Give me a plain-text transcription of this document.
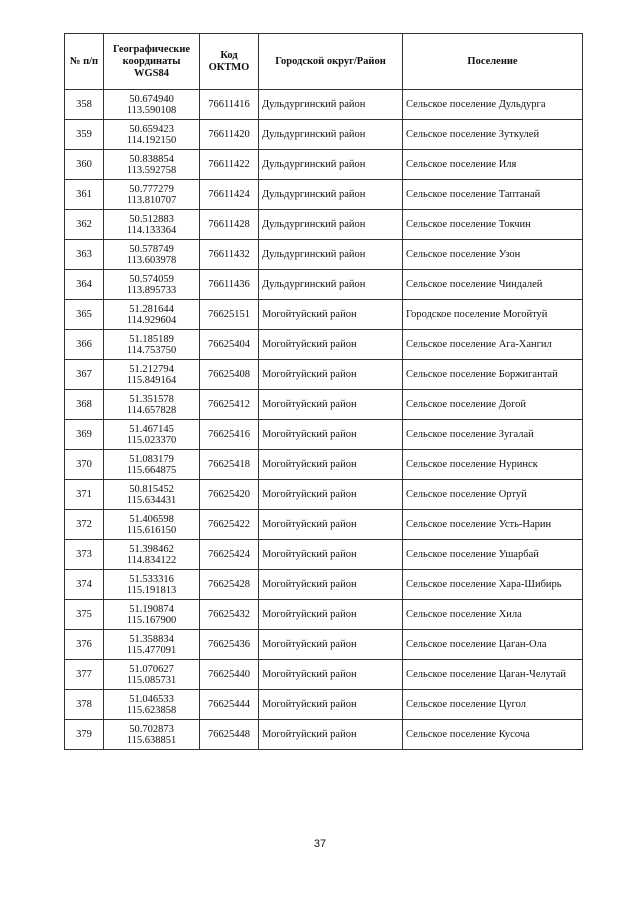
№ п/п	Географические координаты WGS84	Код ОКТМО	Городской округ/Район	Поселение
358	50.674940
113.590108	76611416	Дульдургинский район	Сельское поселение Дульдурга
359	50.659423
114.192150	76611420	Дульдургинский район	Сельское поселение Зуткулей
360	50.838854
113.592758	76611422	Дульдургинский район	Сельское поселение Иля
361	50.777279
113.810707	76611424	Дульдургинский район	Сельское поселение Таптанай
362	50.512883
114.133364	76611428	Дульдургинский район	Сельское поселение Токчин
363	50.578749
113.603978	76611432	Дульдургинский район	Сельское поселение Узон
364	50.574059
113.895733	76611436	Дульдургинский район	Сельское поселение Чиндалей
365	51.281644
114.929604	76625151	Могойтуйский район	Городское поселение Могойтуй
366	51.185189
114.753750	76625404	Могойтуйский район	Сельское поселение Ага-Хангил
367	51.212794
115.849164	76625408	Могойтуйский район	Сельское поселение Боржигантай
368	51.351578
114.657828	76625412	Могойтуйский район	Сельское поселение Догой
369	51.467145
115.023370	76625416	Могойтуйский район	Сельское поселение Зугалай
370	51.083179
115.664875	76625418	Могойтуйский район	Сельское поселение Нуринск
371	50.815452
115.634431	76625420	Могойтуйский район	Сельское поселение Ортуй
372	51.406598
115.616150	76625422	Могойтуйский район	Сельское поселение Усть-Нарин
373	51.398462
114.834122	76625424	Могойтуйский район	Сельское поселение Ушарбай
374	51.533316
115.191813	76625428	Могойтуйский район	Сельское поселение Хара-Шибирь
375	51.190874
115.167900	76625432	Могойтуйский район	Сельское поселение Хила
376	51.358834
115.477091	76625436	Могойтуйский район	Сельское поселение Цаган-Ола
377	51.070627
115.085731	76625440	Могойтуйский район	Сельское поселение Цаган-Челутай
378	51.046533
115.623858	76625444	Могойтуйский район	Сельское поселение Цугол
379	50.702873
115.638851	76625448	Могойтуйский район	Сельское поселение Кусоча
37
